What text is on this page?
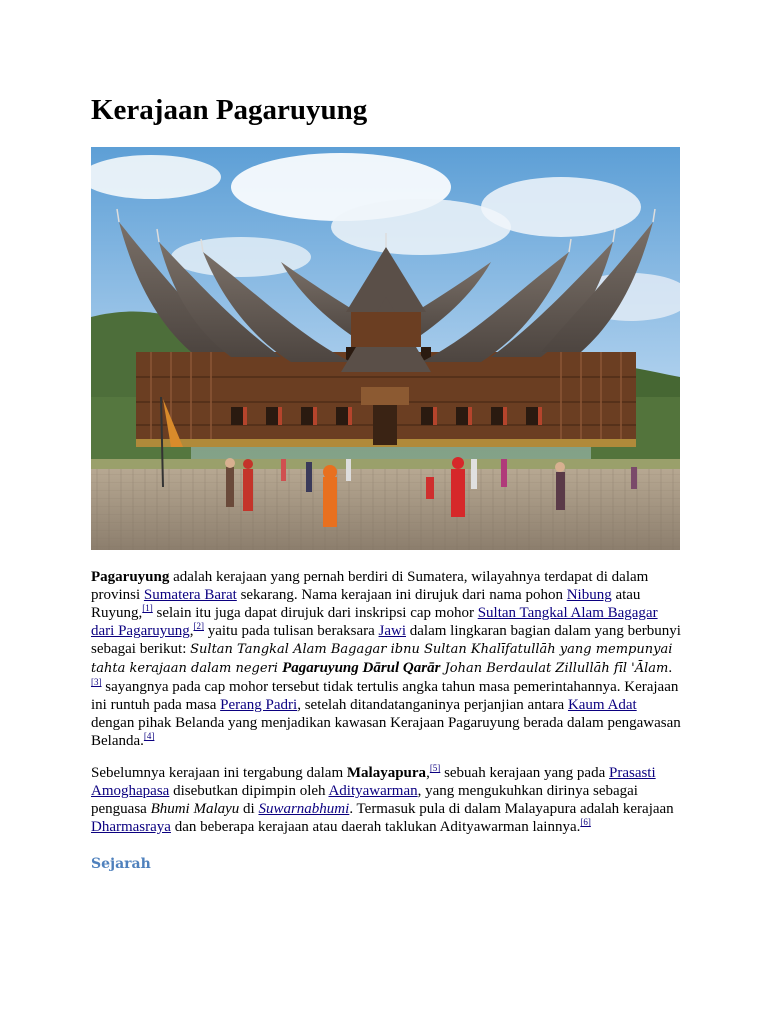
Kerajaan Pagaruyung

Pagaruyung adalah kerajaan yang pernah berdiri di Sumatera, wilayahnya terdapat di dalam provinsi Sumatera Barat sekarang. Nama kerajaan ini dirujuk dari nama pohon Nibung atau Ruyung,[1] selain itu juga dapat dirujuk dari inskripsi cap mohor Sultan Tangkal Alam Bagagar dari Pagaruyung,[2] yaitu pada tulisan beraksara Jawi dalam lingkaran bagian dalam yang berbunyi sebagai berikut: Sultan Tangkal Alam Bagagar ibnu Sultan Khalīfatullāh yang mempunyai tahta kerajaan dalam negeri Pagaruyung Dārul Qarār Johan Berdaulat Zillullāh fīl 'Ālam.[3] sayangnya pada cap mohor tersebut tidak tertulis angka tahun masa pemerintahannya. Kerajaan ini runtuh pada masa Perang Padri, setelah ditandatanganinya perjanjian antara Kaum Adat dengan pihak Belanda yang menjadikan kawasan Kerajaan Pagaruyung berada dalam pengawasan Belanda.[4]

Sebelumnya kerajaan ini tergabung dalam Malayapura,[5] sebuah kerajaan yang pada Prasasti Amoghapasa disebutkan dipimpin oleh Adityawarman, yang mengukuhkan dirinya sebagai penguasa Bhumi Malayu di Suwarnabhumi. Termasuk pula di dalam Malayapura adalah kerajaan Dharmasraya dan beberapa kerajaan atau daerah taklukan Adityawarman lainnya.[6]

Sejarah
